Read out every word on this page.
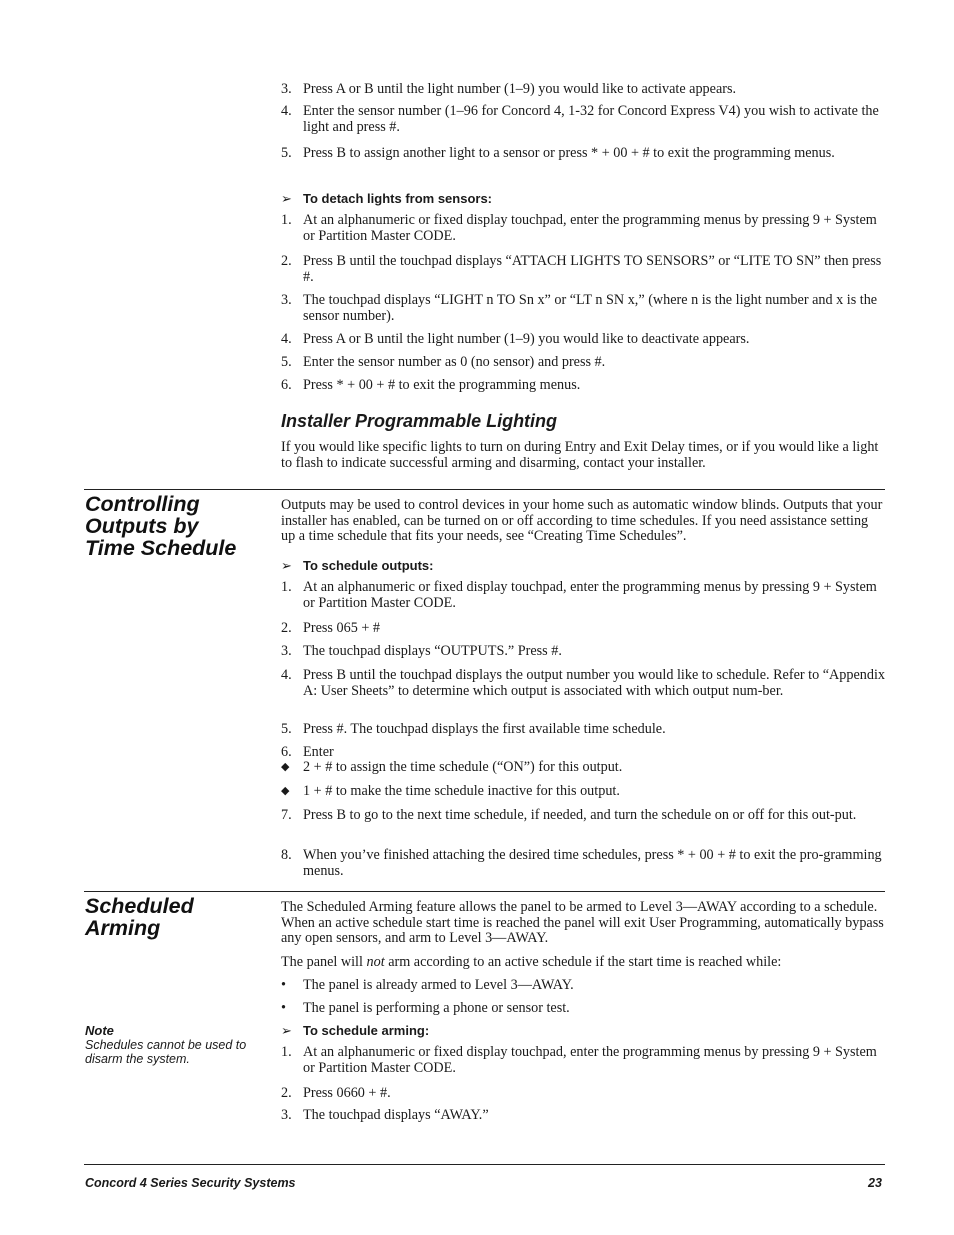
3. Press A or B until the light number (1–9) you would like to activate appears.
4. Enter the sensor number (1–96 for Concord 4, 1-32 for Concord Express V4) you wish to activate the light and press #.
5. Press B to assign another light to a sensor or press * + 00 + # to exit the programming menus.
➢ To detach lights from sensors:
1. At an alphanumeric or fixed display touchpad, enter the programming menus by pressing 9 + System or Partition Master CODE.
2. Press B until the touchpad displays “ATTACH LIGHTS TO SENSORS” or “LITE TO SN” then press #.
3. The touchpad displays “LIGHT n TO Sn x” or “LT n SN x,” (where n is the light number and x is the sensor number).
4. Press A or B until the light number (1–9) you would like to deactivate appears.
5. Enter the sensor number as 0 (no sensor) and press #.
6. Press * + 00 + # to exit the programming menus.
Installer Programmable Lighting
If you would like specific lights to turn on during Entry and Exit Delay times, or if you would like a light to flash to indicate successful arming and disarming, contact your installer.
Controlling
Outputs by
Time Schedule
Outputs may be used to control devices in your home such as automatic window blinds. Outputs that your installer has enabled, can be turned on or off according to time schedules. If you need assistance setting up a time schedule that fits your needs, see “Creating Time Schedules”.
➢ To schedule outputs:
1. At an alphanumeric or fixed display touchpad, enter the programming menus by pressing 9 + System or Partition Master CODE.
2. Press 065 + #
3. The touchpad displays “OUTPUTS.” Press #.
4. Press B until the touchpad displays the output number you would like to schedule. Refer to “Appendix A: User Sheets” to determine which output is associated with which output num-ber.
5. Press #. The touchpad displays the first available time schedule.
6. Enter
◆ 2 + # to assign the time schedule (“ON”) for this output.
◆ 1 + # to make the time schedule inactive for this output.
7. Press B to go to the next time schedule, if needed, and turn the schedule on or off for this out-put.
8. When you’ve finished attaching the desired time schedules, press * + 00 + # to exit the pro-gramming menus.
Scheduled
Arming
The Scheduled Arming feature allows the panel to be armed to Level 3—AWAY according to a schedule. When an active schedule start time is reached the panel will exit User Programming, automatically bypass any open sensors, and arm to Level 3—AWAY.
The panel will not arm according to an active schedule if the start time is reached while:
•	The panel is already armed to Level 3—AWAY.
•	The panel is performing a phone or sensor test.
➢ To schedule arming:
1. At an alphanumeric or fixed display touchpad, enter the programming menus by pressing 9 + System or Partition Master CODE.
2. Press 0660 + #.
3. The touchpad displays “AWAY.”
Note
Schedules cannot be used to disarm the system.
Concord 4 Series Security Systems	23
